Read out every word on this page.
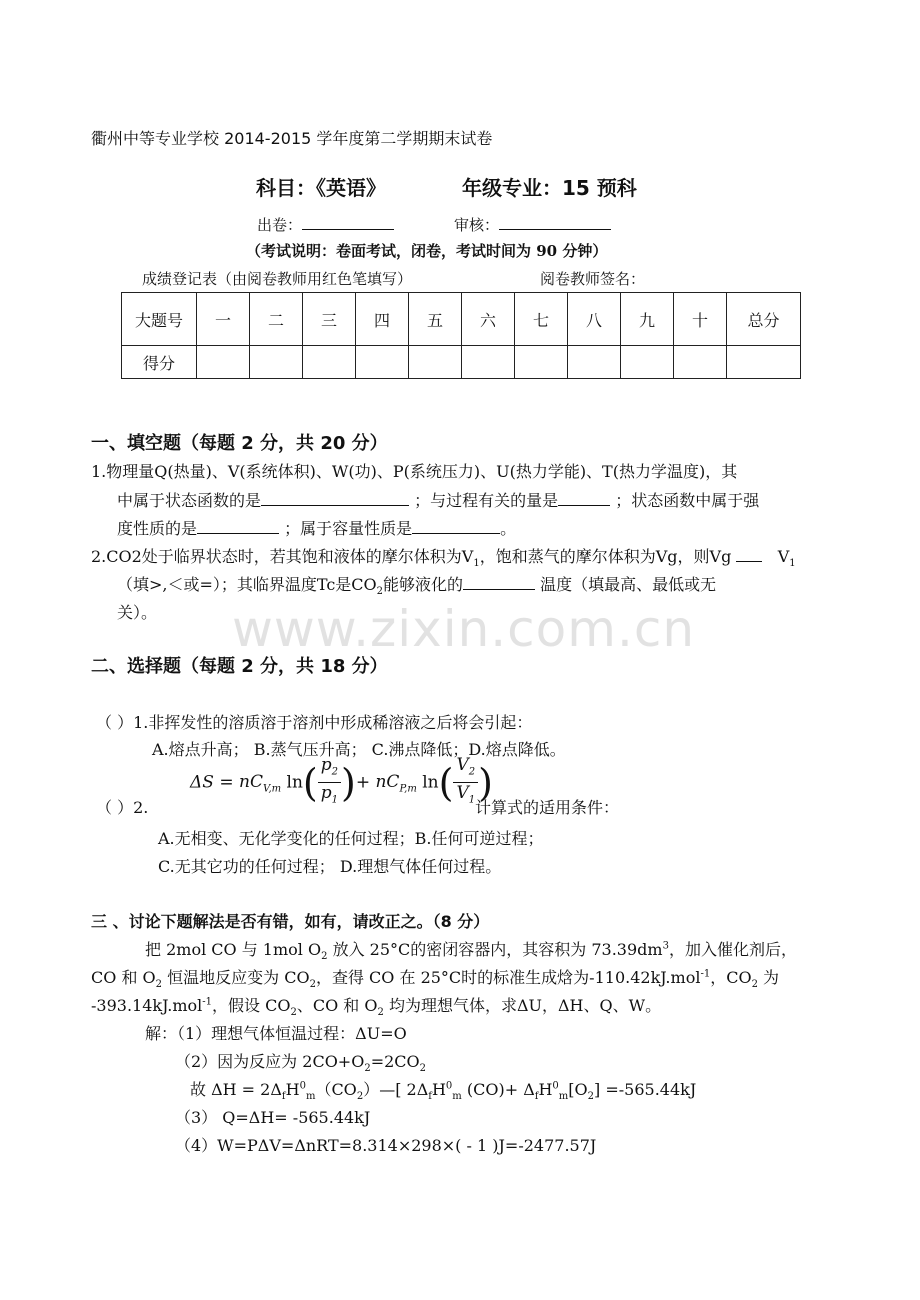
衢州中等专业学校 2014-2015 学年度第二学期期末试卷
科目：《英语》	年级专业：15 预科
出卷：	审核：
（考试说明：卷面考试，闭卷，考试时间为 90 分钟）
成绩登记表（由阅卷教师用红色笔填写）	阅卷教师签名：
大题号	一	二	三	四	五	六	七	八	九	十	总分
得分											
一、填空题（每题 2 分，共 20 分）
1.物理量Q(热量)、V(系统体积)、W(功)、P(系统压力)、U(热力学能)、T(热力学温度)，其
中属于状态函数的是	；与过程有关的量是	；状态函数中属于强
度性质的是	；属于容量性质是	。
2.CO2处于临界状态时，若其饱和液体的摩尔体积为$V_1$，饱和蒸气的摩尔体积为Vg，则Vg	$V_1$
（填>,＜或=）；其临界温度Tc是$CO_2$能够液化的	温度（填最高、最低或无
关）。 www.zixin.com.cn
二、选择题（每题 2 分，共 18 分）
（ ）1.非挥发性的溶质溶于溶剂中形成稀溶液之后将会引起：
A.熔点升高； B.蒸气压升高； C.沸点降低；D.熔点降低。
$\Delta S = nC_{V,m}$ $\ln( \frac{p_2}{p_1}$ )+ $nC_{P,m}$ $\ln( \frac{V_2}{V_1}$ )
（ ）2.	计算式的适用条件：
A.无相变、无化学变化的任何过程；B.任何可逆过程；
C.无其它功的任何过程； D.理想气体任何过程。
三 、讨论下题解法是否有错，如有，请改正之。（8 分）
把 2mol CO 与 1mol $O_2$ 放入 25°C的密闭容器内，其容积为 $73.39dm^3$，加入催化剂后，
CO 和 $O_2$ 恒温地反应变为 $CO_2$，查得 CO 在 25°C时的标准生成焓为-110.42kJ.mol$^{-1}$，$CO_2$ 为
-393.14kJ.mol$^{-1}$，假设 $CO_2$、CO 和 $O_2$ 均为理想气体，求ΔU，ΔH、Q、W。
解：（1）理想气体恒温过程：ΔU=O
（2）因为反应为 $2CO+O_2=2CO_2$
故 $\Delta H = 2\Delta_fH^0_m(CO_2)—$[ $2\Delta_fH^0_m$ $(CO)+ \Delta_fH^0_m[O_2] =-565.44kJ$
（3） Q=ΔH= -565.44kJ
（4）W=PΔV=ΔnRT=8.314×298×( - 1 )J=-2477.57J
